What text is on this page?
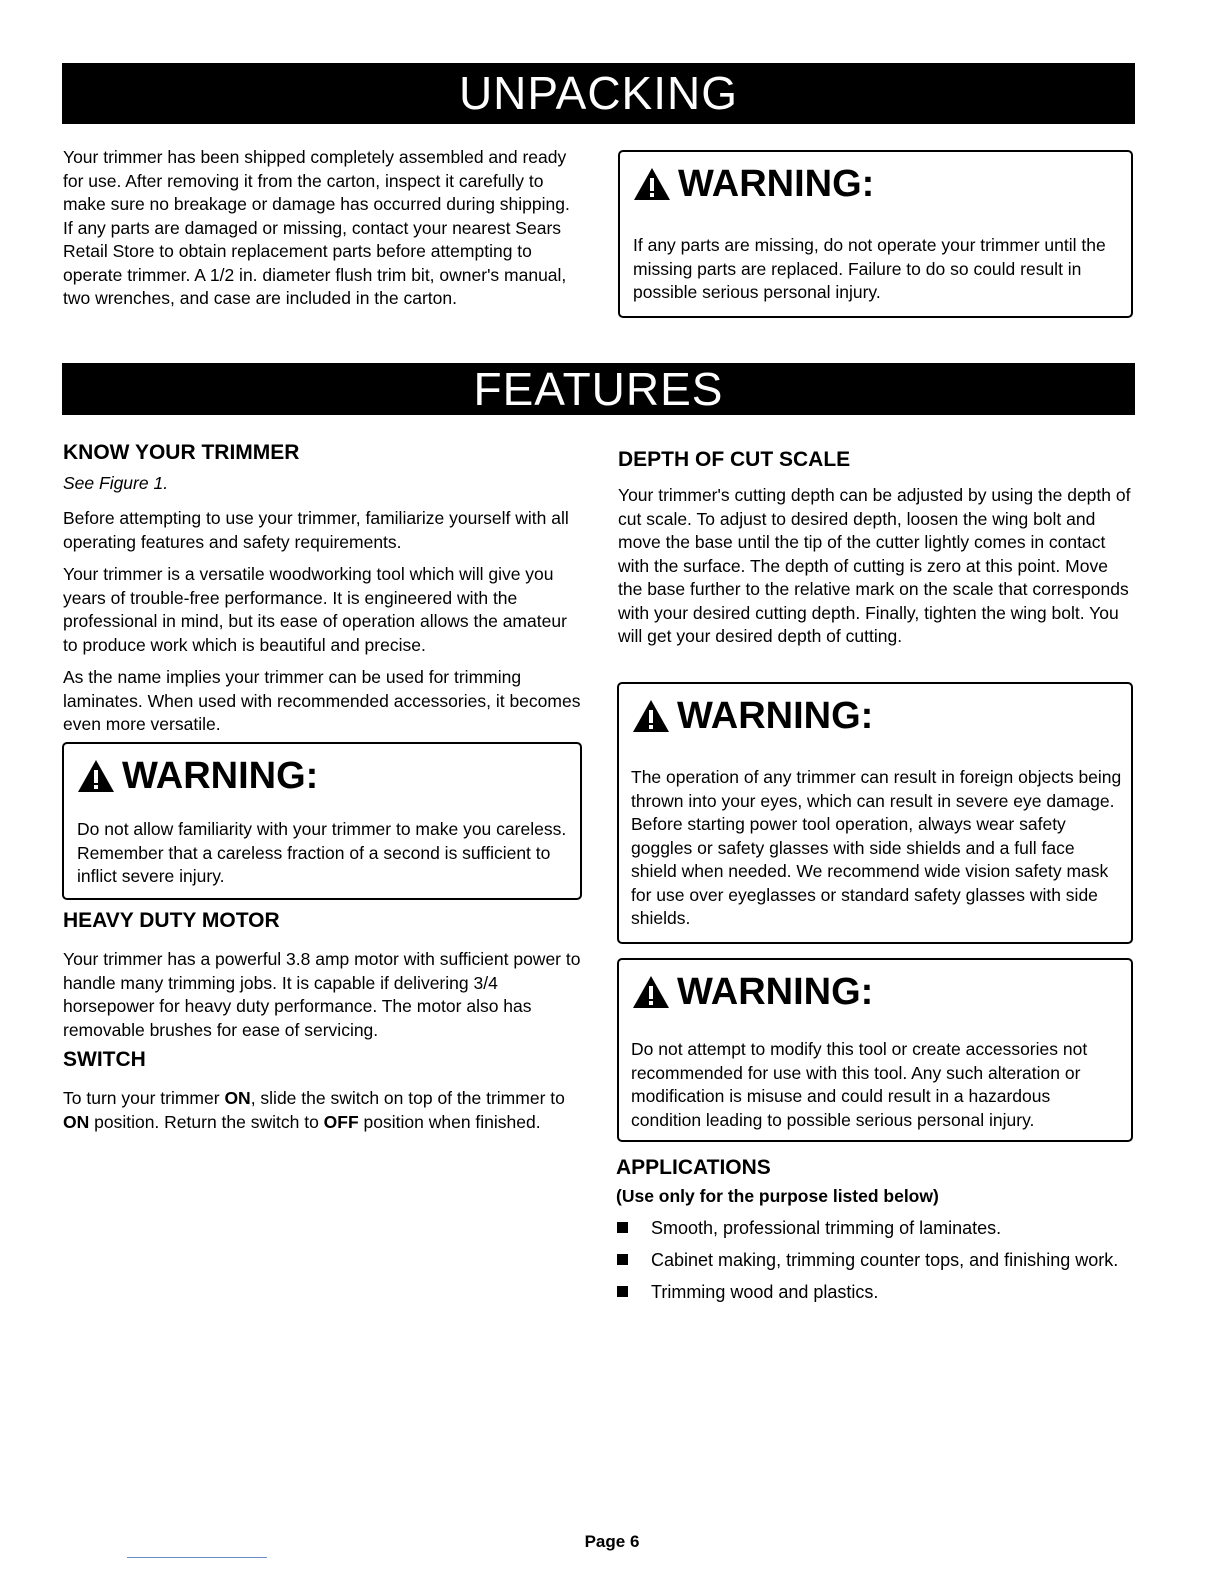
UNPACKING

Your trimmer has been shipped completely assembled and ready for use. After removing it from the carton, inspect it carefully to make sure no breakage or damage has occurred during shipping. If any parts are damaged or missing, contact your nearest Sears Retail Store to obtain replacement parts before attempting to operate trimmer. A 1/2 in. diameter flush trim bit, owner's manual, two wrenches, and case are included in the carton.

WARNING:

If any parts are missing, do not operate your trimmer until the missing parts are replaced. Failure to do so could result in possible serious personal injury.

FEATURES
KNOW YOUR TRIMMER

See Figure 1.

Before attempting to use your trimmer, familiarize yourself with all operating features and safety requirements.

Your trimmer is a versatile woodworking tool which will give you years of trouble-free performance. It is engineered with the professional in mind, but its ease of operation allows the amateur to produce work which is beautiful and precise.

As the name implies your trimmer can be used for trimming laminates. When used with recommended accessories, it becomes even more versatile.

WARNING:

Do not allow familiarity with your trimmer to make you careless. Remember that a careless fraction of a second is sufficient to inflict severe injury.

HEAVY DUTY MOTOR

Your trimmer has a powerful 3.8 amp motor with sufficient power to handle many trimming jobs. It is capable if delivering 3/4 horsepower for heavy duty performance. The motor also has removable brushes for ease of servicing.

SWITCH

To turn your trimmer ON, slide the switch on top of the trimmer to ON position. Return the switch to OFF position when finished.

DEPTH OF CUT SCALE

Your trimmer's cutting depth can be adjusted by using the depth of cut scale. To adjust to desired depth, loosen the wing bolt and move the base until the tip of the cutter lightly comes in contact with the surface. The depth of cutting is zero at this point. Move the base further to the relative mark on the scale that corresponds with your desired cutting depth. Finally, tighten the wing bolt. You will get your desired depth of cutting.

WARNING:

The operation of any trimmer can result in foreign objects being thrown into your eyes, which can result in severe eye damage. Before starting power tool operation, always wear safety goggles or safety glasses with side shields and a full face shield when needed. We recommend wide vision safety mask for use over eyeglasses or standard safety glasses with side shields.

WARNING:

Do not attempt to modify this tool or create accessories not recommended for use with this tool. Any such alteration or modification is misuse and could result in a hazardous condition leading to possible serious personal injury.

APPLICATIONS

(Use only for the purpose listed below)

Smooth, professional trimming of laminates.
Cabinet making, trimming counter tops, and finishing work.
Trimming wood and plastics.
Page 6
